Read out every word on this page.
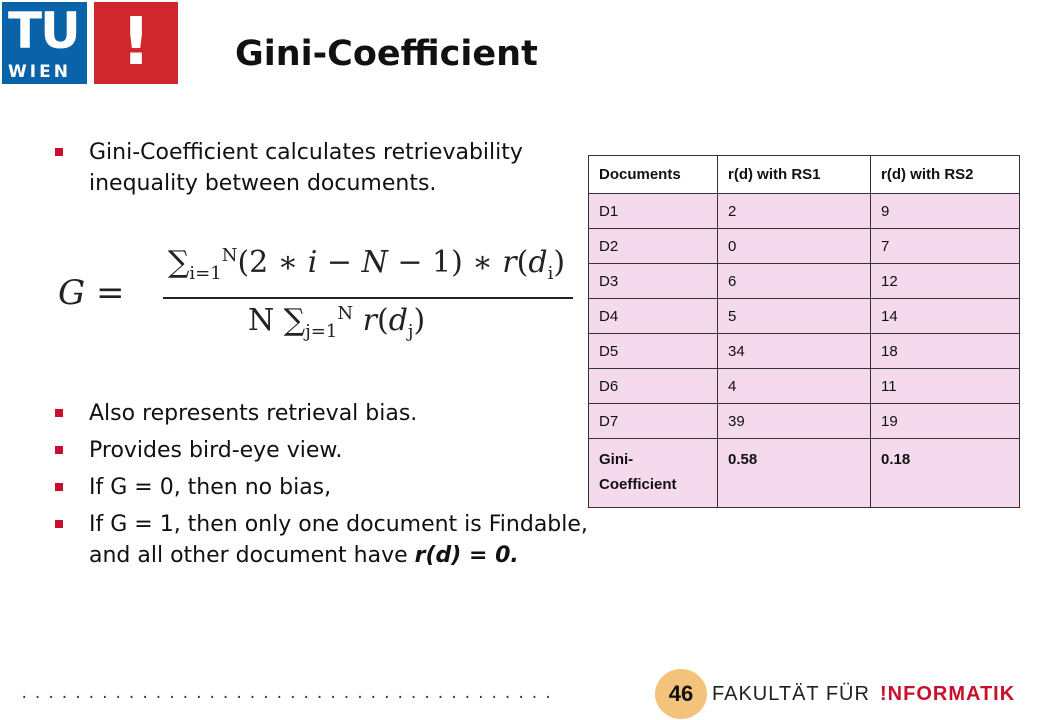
TU
WIEN !	Gini-Coefficient
Gini-Coefficient calculates retrievability inequality between documents.
G =
$\sum_{i=1}^N(2$ ∗ i − N − 1) ∗ $r(d_i)$
N $\sum_{j=1}^N$ $r(d_j)$
Also represents retrieval bias.
Provides bird-eye view.
If G = 0, then no bias,
If G = 1, then only one document is Findable, and all other document have r(d) = 0.
Documents	r(d) with RS1	r(d) with RS2
D1	2	9
D2	0	7
D3	6	12
D4	5	14
D5	34	18
D6	4	11
D7	39	19
Gini-
Coefficient	0.58	0.18
........................................	46 FAKULTÄT FÜR !NFORMATIK
